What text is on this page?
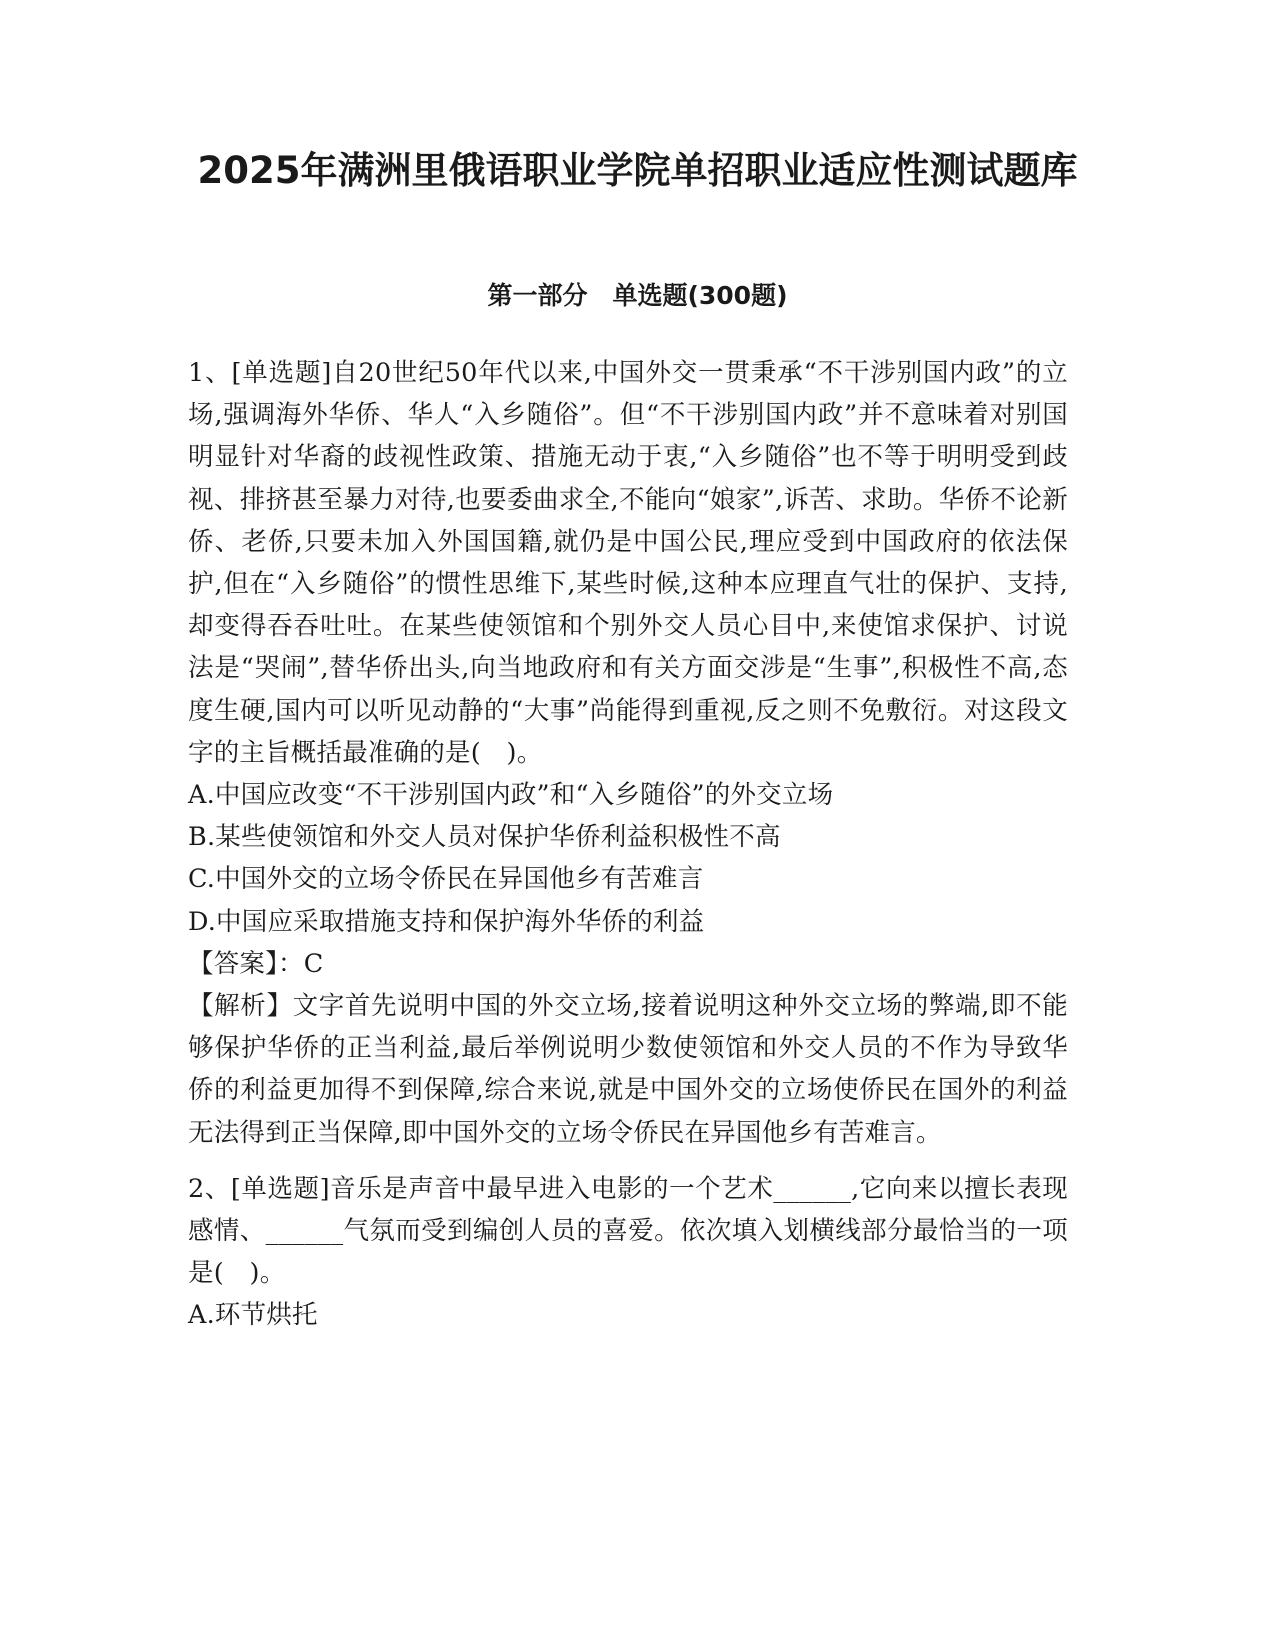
2025年满洲里俄语职业学院单招职业适应性测试题库
第一部分　单选题(300题)

1、[单选题]自20世纪50年代以来,中国外交一贯秉承“不干涉别国内政”的立场,强调海外华侨、华人“入乡随俗”。但“不干涉别国内政”并不意味着对别国明显针对华裔的歧视性政策、措施无动于衷,“入乡随俗”也不等于明明受到歧视、排挤甚至暴力对待,也要委曲求全,不能向“娘家”,诉苦、求助。华侨不论新侨、老侨,只要未加入外国国籍,就仍是中国公民,理应受到中国政府的依法保护,但在“入乡随俗”的惯性思维下,某些时候,这种本应理直气壮的保护、支持,却变得吞吞吐吐。在某些使领馆和个别外交人员心目中,来使馆求保护、讨说法是“哭闹”,替华侨出头,向当地政府和有关方面交涉是“生事”,积极性不高,态度生硬,国内可以听见动静的“大事”尚能得到重视,反之则不免敷衍。对这段文字的主旨概括最准确的是(　)。

A.中国应改变“不干涉别国内政”和“入乡随俗”的外交立场

B.某些使领馆和外交人员对保护华侨利益积极性不高

C.中国外交的立场令侨民在异国他乡有苦难言

D.中国应采取措施支持和保护海外华侨的利益

【答案】：C

【解析】文字首先说明中国的外交立场,接着说明这种外交立场的弊端,即不能够保护华侨的正当利益,最后举例说明少数使领馆和外交人员的不作为导致华侨的利益更加得不到保障,综合来说,就是中国外交的立场使侨民在国外的利益无法得到正当保障,即中国外交的立场令侨民在异国他乡有苦难言。

2、[单选题]音乐是声音中最早进入电影的一个艺术______,它向来以擅长表现感情、______气氛而受到编创人员的喜爱。依次填入划横线部分最恰当的一项是(　)。

A.环节烘托
